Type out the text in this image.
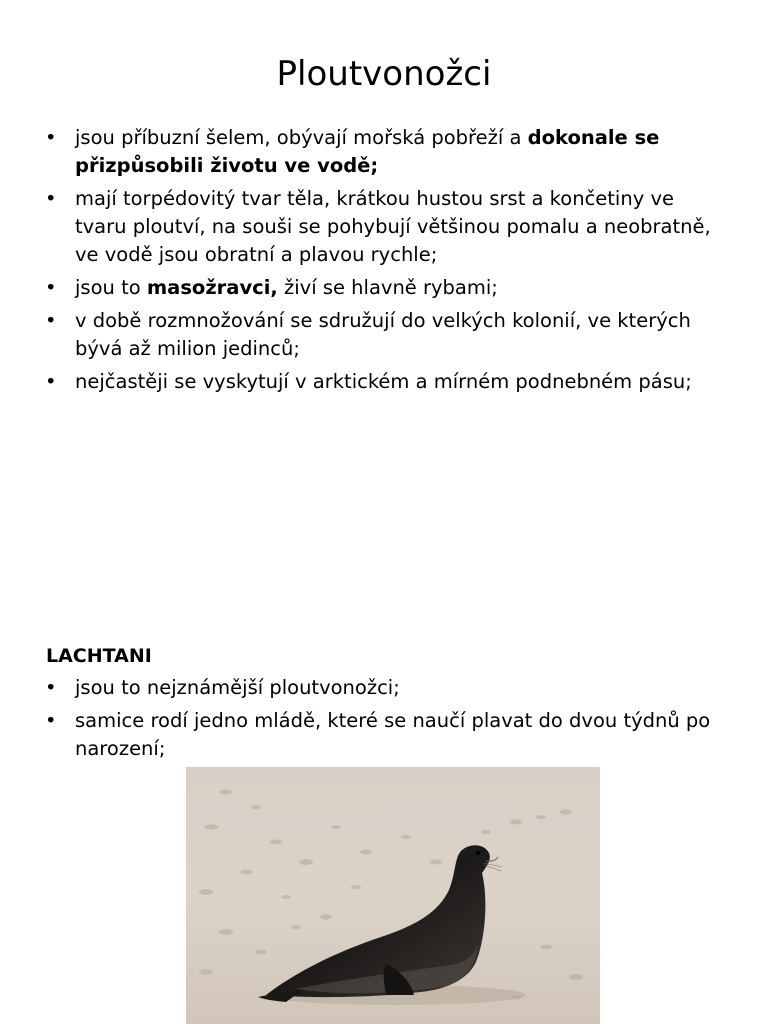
Ploutvonožci
• jsou příbuzní šelem, obývají mořská pobřeží a dokonale se přizpůsobili životu ve vodě;
• mají torpédovitý tvar těla, krátkou hustou srst a končetiny ve tvaru ploutví, na souši se pohybují většinou pomalu a neobratně, ve vodě jsou obratní a plavou rychle;
• jsou to masožravci, živí se hlavně rybami;
• v době rozmnožování se sdružují do velkých kolonií, ve kterých bývá až milion jedinců;
• nejčastěji se vyskytují v arktickém a mírném podnebném pásu;
LACHTANI
• jsou to nejznámější ploutvonožci;
• samice rodí jedno mládě, které se naučí plavat do dvou týdnů po narození;
